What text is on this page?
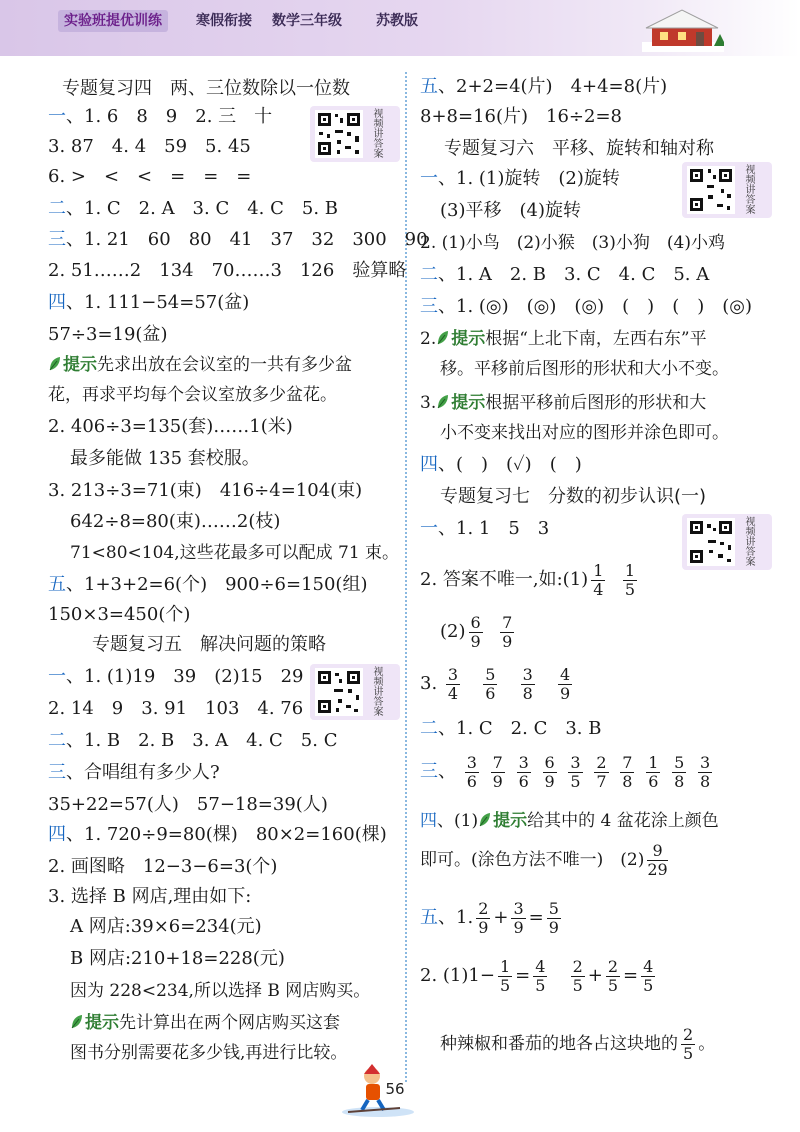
实验班提优训练	寒假衔接 数学三年级 苏教版
专题复习四　两、三位数除以一位数
视频讲答案
一、1. 6　8　9　2. 三　十
3. 87　4. 4　59　5. 45
6. >　<　<　=　=　=
二、1. C　2. A　3. C　4. C　5. B
三、1. 21　60　80　41　37　32　300　90
2. 51……2　134　70……3　126　验算略
四、1. 111−54=57(盆)
57÷3=19(盆)
提示先求出放在会议室的一共有多少盆
花，再求平均每个会议室放多少盆花。
2. 406÷3=135(套)……1(米)
最多能做 135 套校服。
3. 213÷3=71(束)　416÷4=104(束)
642÷8=80(束)……2(枝)
71<80<104,这些花最多可以配成 71 束。
五、1+3+2=6(个)　900÷6=150(组)
150×3=450(个)
专题复习五　解决问题的策略
视频讲答案
一、1. (1)19　39　(2)15　29
2. 14　9　3. 91　103　4. 76
二、1. B　2. B　3. A　4. C　5. C
三、合唱组有多少人?
35+22=57(人)　57−18=39(人)
四、1. 720÷9=80(棵)　80×2=160(棵)
2. 画图略　12−3−6=3(个)
3. 选择 B 网店,理由如下:
A 网店:39×6=234(元)
B 网店:210+18=228(元)
因为 228<234,所以选择 B 网店购买。
提示先计算出在两个网店购买这套
图书分别需要花多少钱,再进行比较。
五、2+2=4(片)　4+4=8(片)
8+8=16(片)　16÷2=8
专题复习六　平移、旋转和轴对称
视频讲答案
一、1. (1)旋转　(2)旋转
(3)平移　(4)旋转
2. (1)小鸟　(2)小猴　(3)小狗　(4)小鸡
二、1. A　2. B　3. C　4. C　5. A
三、1. (◎)　(◎)　(◎)　(　)　(　)　(◎)
2. 提示根据“上北下南，左西右东”平
移。平移前后图形的形状和大小不变。
3. 提示根据平移前后图形的形状和大
小不变来找出对应的图形并涂色即可。
四、(　)　(✓)　(　)
专题复习七　分数的初步认识(一)
视频讲答案
一、1. 1　5　3
2. 答案不唯一,如:(1) $\frac{1}{4}$
$\frac{1}{5}$
$(2) \frac{6}{9}$
$\frac{7}{9}$
3. $\frac{3}{4}$
$\frac{5}{6}$
$\frac{3}{8}$
$\frac{4}{9}$
二、1. C　2. C　3. B
三、 $\frac{3}{6}$
$\frac{7}{9}$
$\frac{3}{6}$
$\frac{6}{9}$
$\frac{3}{5}$
$\frac{2}{7}$
$\frac{7}{8}$
$\frac{1}{6}$
$\frac{5}{8}$
$\frac{3}{8}$
四、(1) 提示给其中的 4 盆花涂上颜色
即可。(涂色方法不唯一)　$(2) \frac{9}{29}$
五、1. $\frac{2}{9} + \frac{3}{9} = \frac{5}{9}$
2. $(1)1- \frac{1}{5} = \frac{4}{5}$
$\frac{2}{5} + \frac{2}{5} = \frac{4}{5}$
种辣椒和番茄的地各占这块地的 $\frac{2}{5}$ 。
56
